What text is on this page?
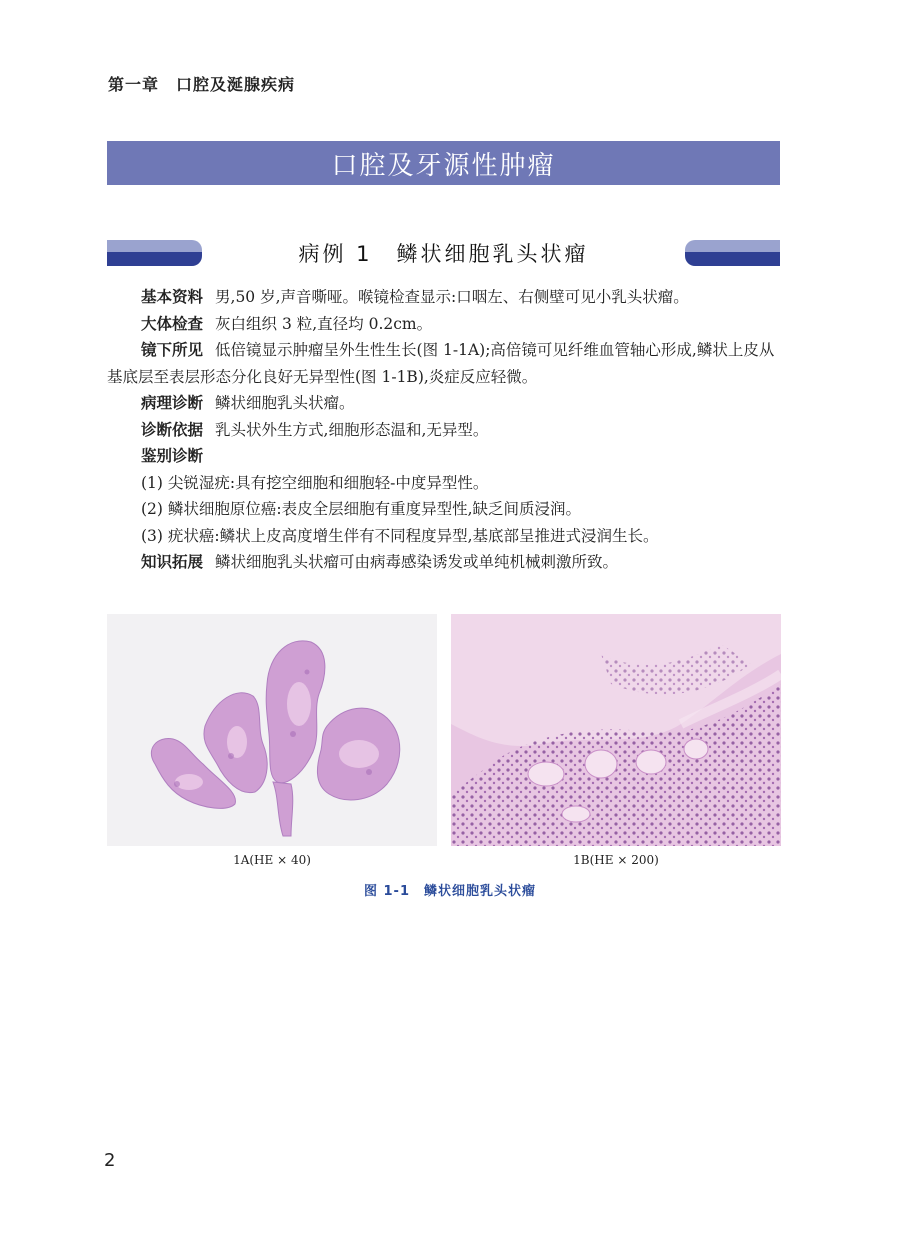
第一章　口腔及涎腺疾病
口腔及牙源性肿瘤
病例 1　鳞状细胞乳头状瘤

基本资料 男,50 岁,声音嘶哑。喉镜检查显示:口咽左、右侧壁可见小乳头状瘤。

大体检查 灰白组织 3 粒,直径均 0.2cm。

镜下所见 低倍镜显示肿瘤呈外生性生长(图 1-1A);高倍镜可见纤维血管轴心形成,鳞状上皮从基底层至表层形态分化良好无异型性(图 1-1B),炎症反应轻微。

病理诊断 鳞状细胞乳头状瘤。

诊断依据 乳头状外生方式,细胞形态温和,无异型。

鉴别诊断

(1) 尖锐湿疣:具有挖空细胞和细胞轻-中度异型性。

(2) 鳞状细胞原位癌:表皮全层细胞有重度异型性,缺乏间质浸润。

(3) 疣状癌:鳞状上皮高度增生伴有不同程度异型,基底部呈推进式浸润生长。

知识拓展 鳞状细胞乳头状瘤可由病毒感染诱发或单纯机械刺激所致。

1A(HE × 40)	1B(HE × 200)
图 1-1 鳞状细胞乳头状瘤
2
